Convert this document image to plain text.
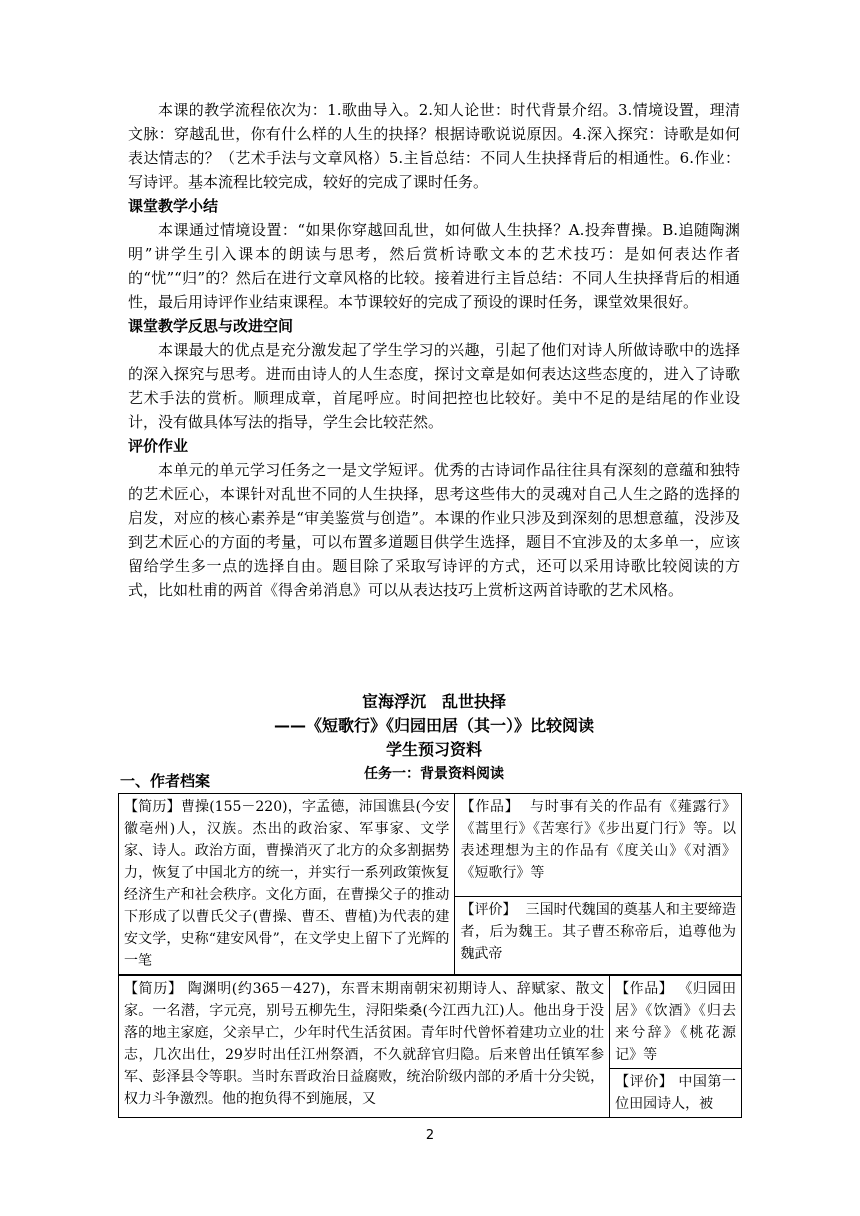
本课的教学流程依次为：1.歌曲导入。2.知人论世：时代背景介绍。3.情境设置，理清文脉：穿越乱世，你有什么样的人生的抉择？根据诗歌说说原因。4.深入探究：诗歌是如何表达情志的？（艺术手法与文章风格）5.主旨总结：不同人生抉择背后的相通性。6.作业：写诗评。基本流程比较完成，较好的完成了课时任务。

课堂教学小结

本课通过情境设置：“如果你穿越回乱世，如何做人生抉择？A.投奔曹操。B.追随陶渊明”讲学生引入课本的朗读与思考，然后赏析诗歌文本的艺术技巧：是如何表达作者的“忧”“归”的？然后在进行文章风格的比较。接着进行主旨总结：不同人生抉择背后的相通性，最后用诗评作业结束课程。本节课较好的完成了预设的课时任务，课堂效果很好。

课堂教学反思与改进空间

本课最大的优点是充分激发起了学生学习的兴趣，引起了他们对诗人所做诗歌中的选择的深入探究与思考。进而由诗人的人生态度，探讨文章是如何表达这些态度的，进入了诗歌艺术手法的赏析。顺理成章，首尾呼应。时间把控也比较好。美中不足的是结尾的作业设计，没有做具体写法的指导，学生会比较茫然。

评价作业

本单元的单元学习任务之一是文学短评。优秀的古诗词作品往往具有深刻的意蕴和独特的艺术匠心，本课针对乱世不同的人生抉择，思考这些伟大的灵魂对自己人生之路的选择的启发，对应的核心素养是“审美鉴赏与创造”。本课的作业只涉及到深刻的思想意蕴，没涉及到艺术匠心的方面的考量，可以布置多道题目供学生选择，题目不宜涉及的太多单一，应该留给学生多一点的选择自由。题目除了采取写诗评的方式，还可以采用诗歌比较阅读的方式，比如杜甫的两首《得舍弟消息》可以从表达技巧上赏析这两首诗歌的艺术风格。

宦海浮沉　乱世抉择
——《短歌行》《归园田居（其一）》比较阅读
学生预习资料
任务一：背景资料阅读
一、作者档案
【简历】曹操(155－220)，字孟德，沛国谯县(今安徽亳州)人，汉族。杰出的政治家、军事家、文学家、诗人。政治方面，曹操消灭了北方的众多割据势力，恢复了中国北方的统一，并实行一系列政策恢复经济生产和社会秩序。文化方面，在曹操父子的推动下形成了以曹氏父子(曹操、曹丕、曹植)为代表的建安文学，史称“建安风骨”，在文学史上留下了光辉的一笔	【作品】 与时事有关的作品有《薤露行》《蒿里行》《苦寒行》《步出夏门行》等。以表述理想为主的作品有《度关山》《对酒》《短歌行》等
【评价】 三国时代魏国的奠基人和主要缔造者，后为魏王。其子曹丕称帝后，追尊他为魏武帝
【简历】 陶渊明(约365－427)，东晋末期南朝宋初期诗人、辞赋家、散文家。一名潜，字元亮，别号五柳先生，浔阳柴桑(今江西九江)人。他出身于没落的地主家庭，父亲早亡，少年时代生活贫困。青年时代曾怀着建功立业的壮志，几次出仕，29岁时出任江州祭酒，不久就辞官归隐。后来曾出任镇军参军、彭泽县令等职。当时东晋政治日益腐败，统治阶级内部的矛盾十分尖锐，权力斗争激烈。他的抱负得不到施展，又	【作品】 《归园田居》《饮酒》《归去来兮辞》《桃花源记》等
【评价】 中国第一位田园诗人，被
2
